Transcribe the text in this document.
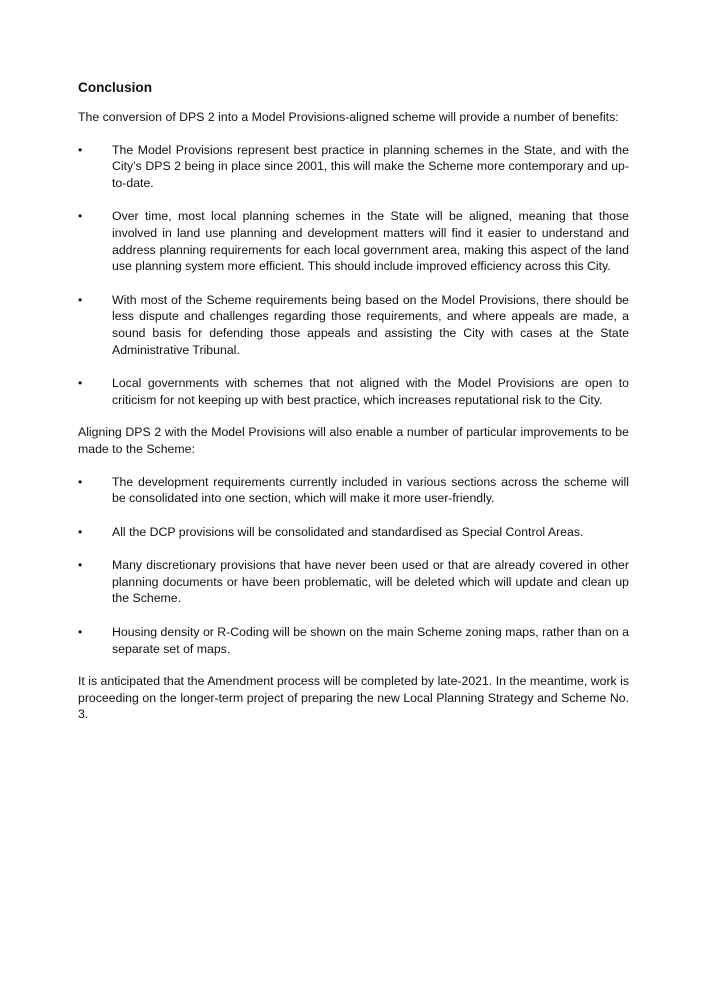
Conclusion

The conversion of DPS 2 into a Model Provisions-aligned scheme will provide a number of benefits:

•	The Model Provisions represent best practice in planning schemes in the State, and with the City’s DPS 2 being in place since 2001, this will make the Scheme more contemporary and up-to-date.
•	Over time, most local planning schemes in the State will be aligned, meaning that those involved in land use planning and development matters will find it easier to understand and address planning requirements for each local government area, making this aspect of the land use planning system more efficient. This should include improved efficiency across this City.
•	With most of the Scheme requirements being based on the Model Provisions, there should be less dispute and challenges regarding those requirements, and where appeals are made, a sound basis for defending those appeals and assisting the City with cases at the State Administrative Tribunal.
•	Local governments with schemes that not aligned with the Model Provisions are open to criticism for not keeping up with best practice, which increases reputational risk to the City.

Aligning DPS 2 with the Model Provisions will also enable a number of particular improvements to be made to the Scheme:

•	The development requirements currently included in various sections across the scheme will be consolidated into one section, which will make it more user-friendly.
•	All the DCP provisions will be consolidated and standardised as Special Control Areas.
•	Many discretionary provisions that have never been used or that are already covered in other planning documents or have been problematic, will be deleted which will update and clean up the Scheme.
•	Housing density or R-Coding will be shown on the main Scheme zoning maps, rather than on a separate set of maps.

It is anticipated that the Amendment process will be completed by late-2021. In the meantime, work is proceeding on the longer-term project of preparing the new Local Planning Strategy and Scheme No. 3.
